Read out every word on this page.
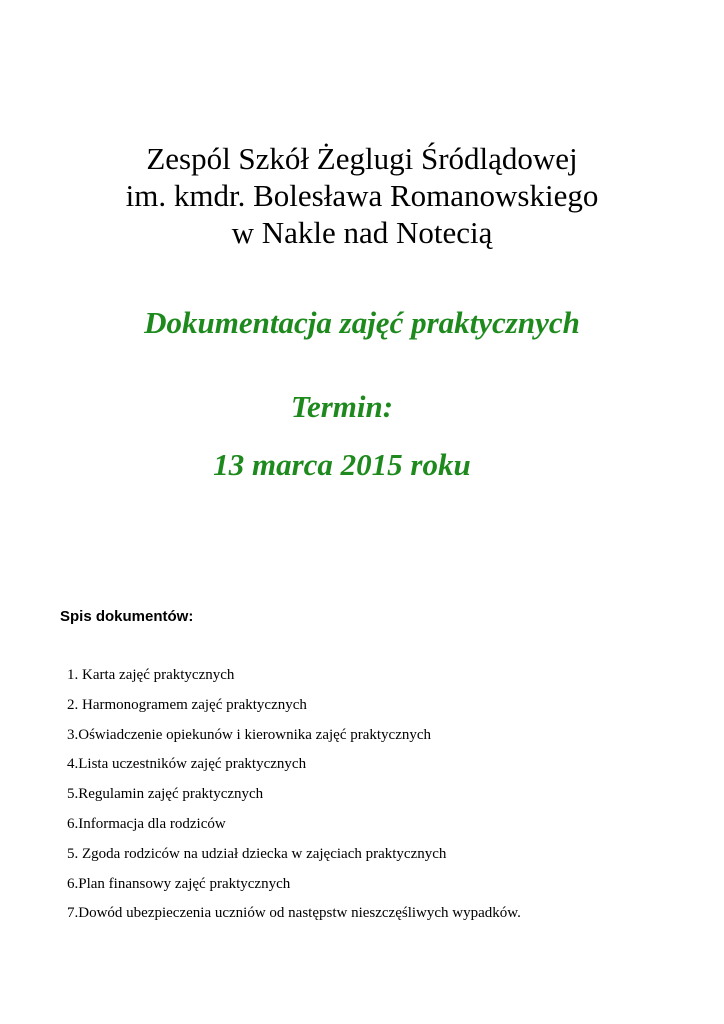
Zespól Szkół Żeglugi Śródlądowej
im. kmdr. Bolesława Romanowskiego
w Nakle nad Notecią
Dokumentacja zajęć praktycznych
Termin:
13 marca 2015 roku
Spis dokumentów:
1. Karta zajęć praktycznych
2. Harmonogramem zajęć praktycznych
3.Oświadczenie opiekunów i kierownika zajęć praktycznych
4.Lista uczestników zajęć praktycznych
5.Regulamin zajęć praktycznych
6.Informacja dla rodziców
5. Zgoda rodziców na udział dziecka w zajęciach praktycznych
6.Plan finansowy zajęć praktycznych
7.Dowód ubezpieczenia uczniów od następstw nieszczęśliwych wypadków.
